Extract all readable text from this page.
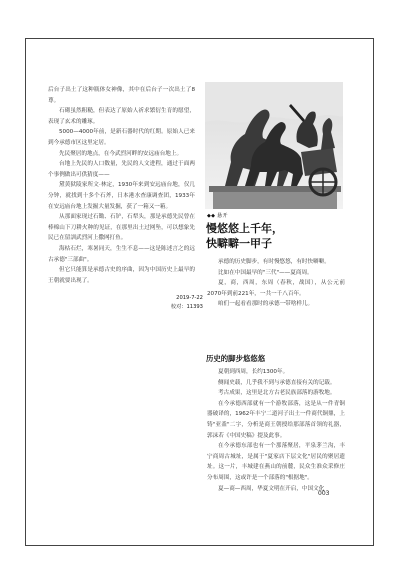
后台子出土了这种瓶体女神像，其中在后台子一次出土了8尊。

石砌虽然粗糙，但表达了原始人祈求繁衍生育的愿望，表现了玄术的雕琢。

5000—4000年前，是新石器时代的红期。原始人已来到今承德市区这里定居。

先民聚居的地点，在今武烈河畔的安远庙台地上。

台地上先民的人口数量，先民的人文进程，通过于面两个事例做出可供猜度——

黛黄狱陵家所文·林定，1930年来到安远庙台地，仅几分钟，就找到十多个石斧，日本港水查康调查团，1933年在安远庙台地上发掘大量发掘，获了一箱又一箱。

从那面家现过石锄、石铲，石犁头，那是承德先民曾在棒棉山下刀耕火种的见证，在那里出土过网坠，可以想象先民已在留訓武烈河上撒网打鱼。

海枯石烂，寒暑同天，生生不息——这是陈述言之的远古承德"三部曲"。

但它只能算是承德古史的序曲，因为中国历史上最早的王朝就要出现了。

2019-7-22
校对：11393
◆◆ 悬开
慢悠悠上千年，
快噼噼一甲子

承德的历史脚步，有时慢悠悠，有时快噼噼。

比如在中国最早的"三代"——夏商周。

夏，商，西周，东周（春秋，战国），从公元前2070年到前221年，一共一千八百年。

咱们一起看看那时的承德一带啥样儿。

历史的脚步悠悠悠

夏朝到西周，长约1300年。

侧闻史载，几乎我不到与承德直接有关的记载。

考古成果，这里是北方古老民族部落的游牧地。

在今承德西部就有一个游牧部落，这是从一件青铜器破译的，1962年丰宁二道河子出土一件商代铜鼎，上铸"亚盉"二字，分析是商王朝授给那部落首领的礼器，郭沫若《中国史稿》提及此事。

在今承德东部也有一个那落聚居，平泉茅兰沟，丰宁商周古城址，是属于"夏家店下层文化"居民的聚居遗址。这一片，丰城建在燕山的前麓，民众生准众采修庄分布周围，这或许是一个部落的"根据地"。

夏—商—西周，华夏文明在开启，中国文化

003
